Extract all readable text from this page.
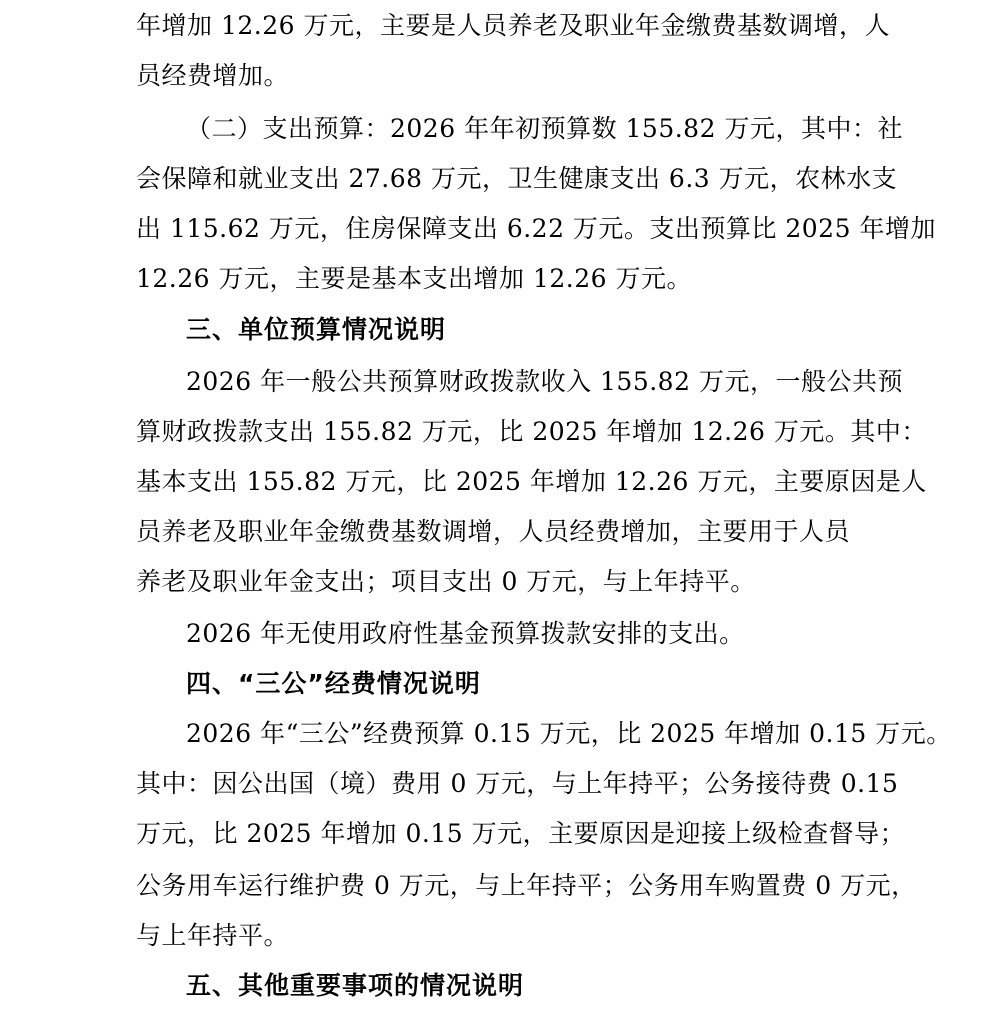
年增加 12.26 万元，主要是人员养老及职业年金缴费基数调增，人

员经费增加。

（二）支出预算：2026 年年初预算数 155.82 万元，其中：社

会保障和就业支出 27.68 万元，卫生健康支出 6.3 万元，农林水支

出 115.62 万元，住房保障支出 6.22 万元。支出预算比 2025 年增加

12.26 万元，主要是基本支出增加 12.26 万元。

三、单位预算情况说明

2026 年一般公共预算财政拨款收入 155.82 万元，一般公共预

算财政拨款支出 155.82 万元，比 2025 年增加 12.26 万元。其中：

基本支出 155.82 万元，比 2025 年增加 12.26 万元，主要原因是人

员养老及职业年金缴费基数调增，人员经费增加，主要用于人员

养老及职业年金支出；项目支出 0 万元，与上年持平。

2026 年无使用政府性基金预算拨款安排的支出。

四、“三公”经费情况说明

2026 年“三公”经费预算 0.15 万元，比 2025 年增加 0.15 万元。

其中：因公出国（境）费用 0 万元，与上年持平；公务接待费 0.15

万元，比 2025 年增加 0.15 万元，主要原因是迎接上级检查督导；

公务用车运行维护费 0 万元，与上年持平；公务用车购置费 0 万元，

与上年持平。

五、其他重要事项的情况说明
